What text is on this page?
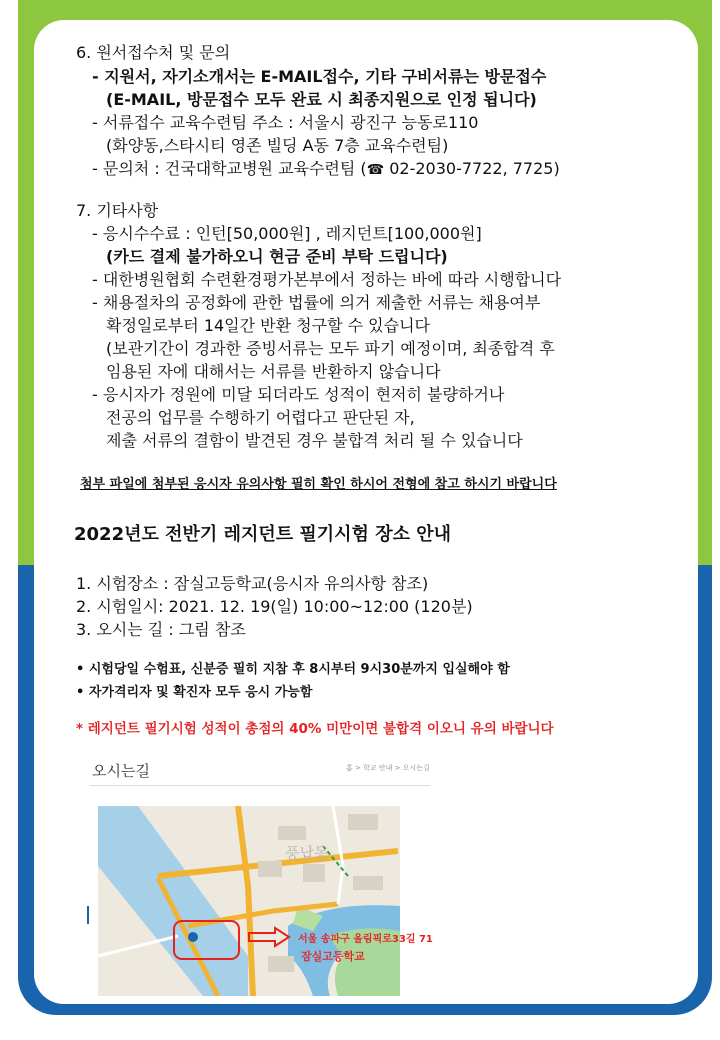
6. 원서접수처 및 문의
- 지원서, 자기소개서는 E-MAIL접수, 기타 구비서류는 방문접수
(E-MAIL, 방문접수 모두 완료 시 최종지원으로 인정 됩니다)
- 서류접수 교육수련팀 주소 : 서울시 광진구 능동로110
(화양동,스타시티 영존 빌딩 A동 7층 교육수련팀)
- 문의처 : 건국대학교병원 교육수련팀 (☎ 02-2030-7722, 7725)
7. 기타사항
- 응시수수료 : 인턴[50,000원] , 레지던트[100,000원]
(카드 결제 불가하오니 현금 준비 부탁 드립니다)
- 대한병원협회 수련환경평가본부에서 정하는 바에 따라 시행합니다
- 채용절차의 공정화에 관한 법률에 의거 제출한 서류는 채용여부
확정일로부터 14일간 반환 청구할 수 있습니다
(보관기간이 경과한 증빙서류는 모두 파기 예정이며, 최종합격 후
임용된 자에 대해서는 서류를 반환하지 않습니다
- 응시자가 정원에 미달 되더라도 성적이 현저히 불량하거나
전공의 업무를 수행하기 어렵다고 판단된 자,
제출 서류의 결함이 발견된 경우 불합격 처리 될 수 있습니다
첨부 파일에 첨부된 응시자 유의사항 필히 확인 하시어 전형에 참고 하시기 바랍니다
2022년도 전반기 레지던트 필기시험 장소 안내
1. 시험장소 : 잠실고등학교(응시자 유의사항 참조)
2. 시험일시: 2021. 12. 19(일) 10:00~12:00 (120분)
3. 오시는 길 : 그림 참조
• 시험당일 수험표, 신분증 필히 지참 후 8시부터 9시30분까지 입실해야 함
• 자가격리자 및 확진자 모두 응시 가능함
* 레지던트 필기시험 성적이 총점의 40% 미만이면 불합격 이오니 유의 바랍니다
오시는길	홈 > 학교 안내 > 오시는길
풍납동
서울 송파구 올림픽로33길 71
잠실고등학교
